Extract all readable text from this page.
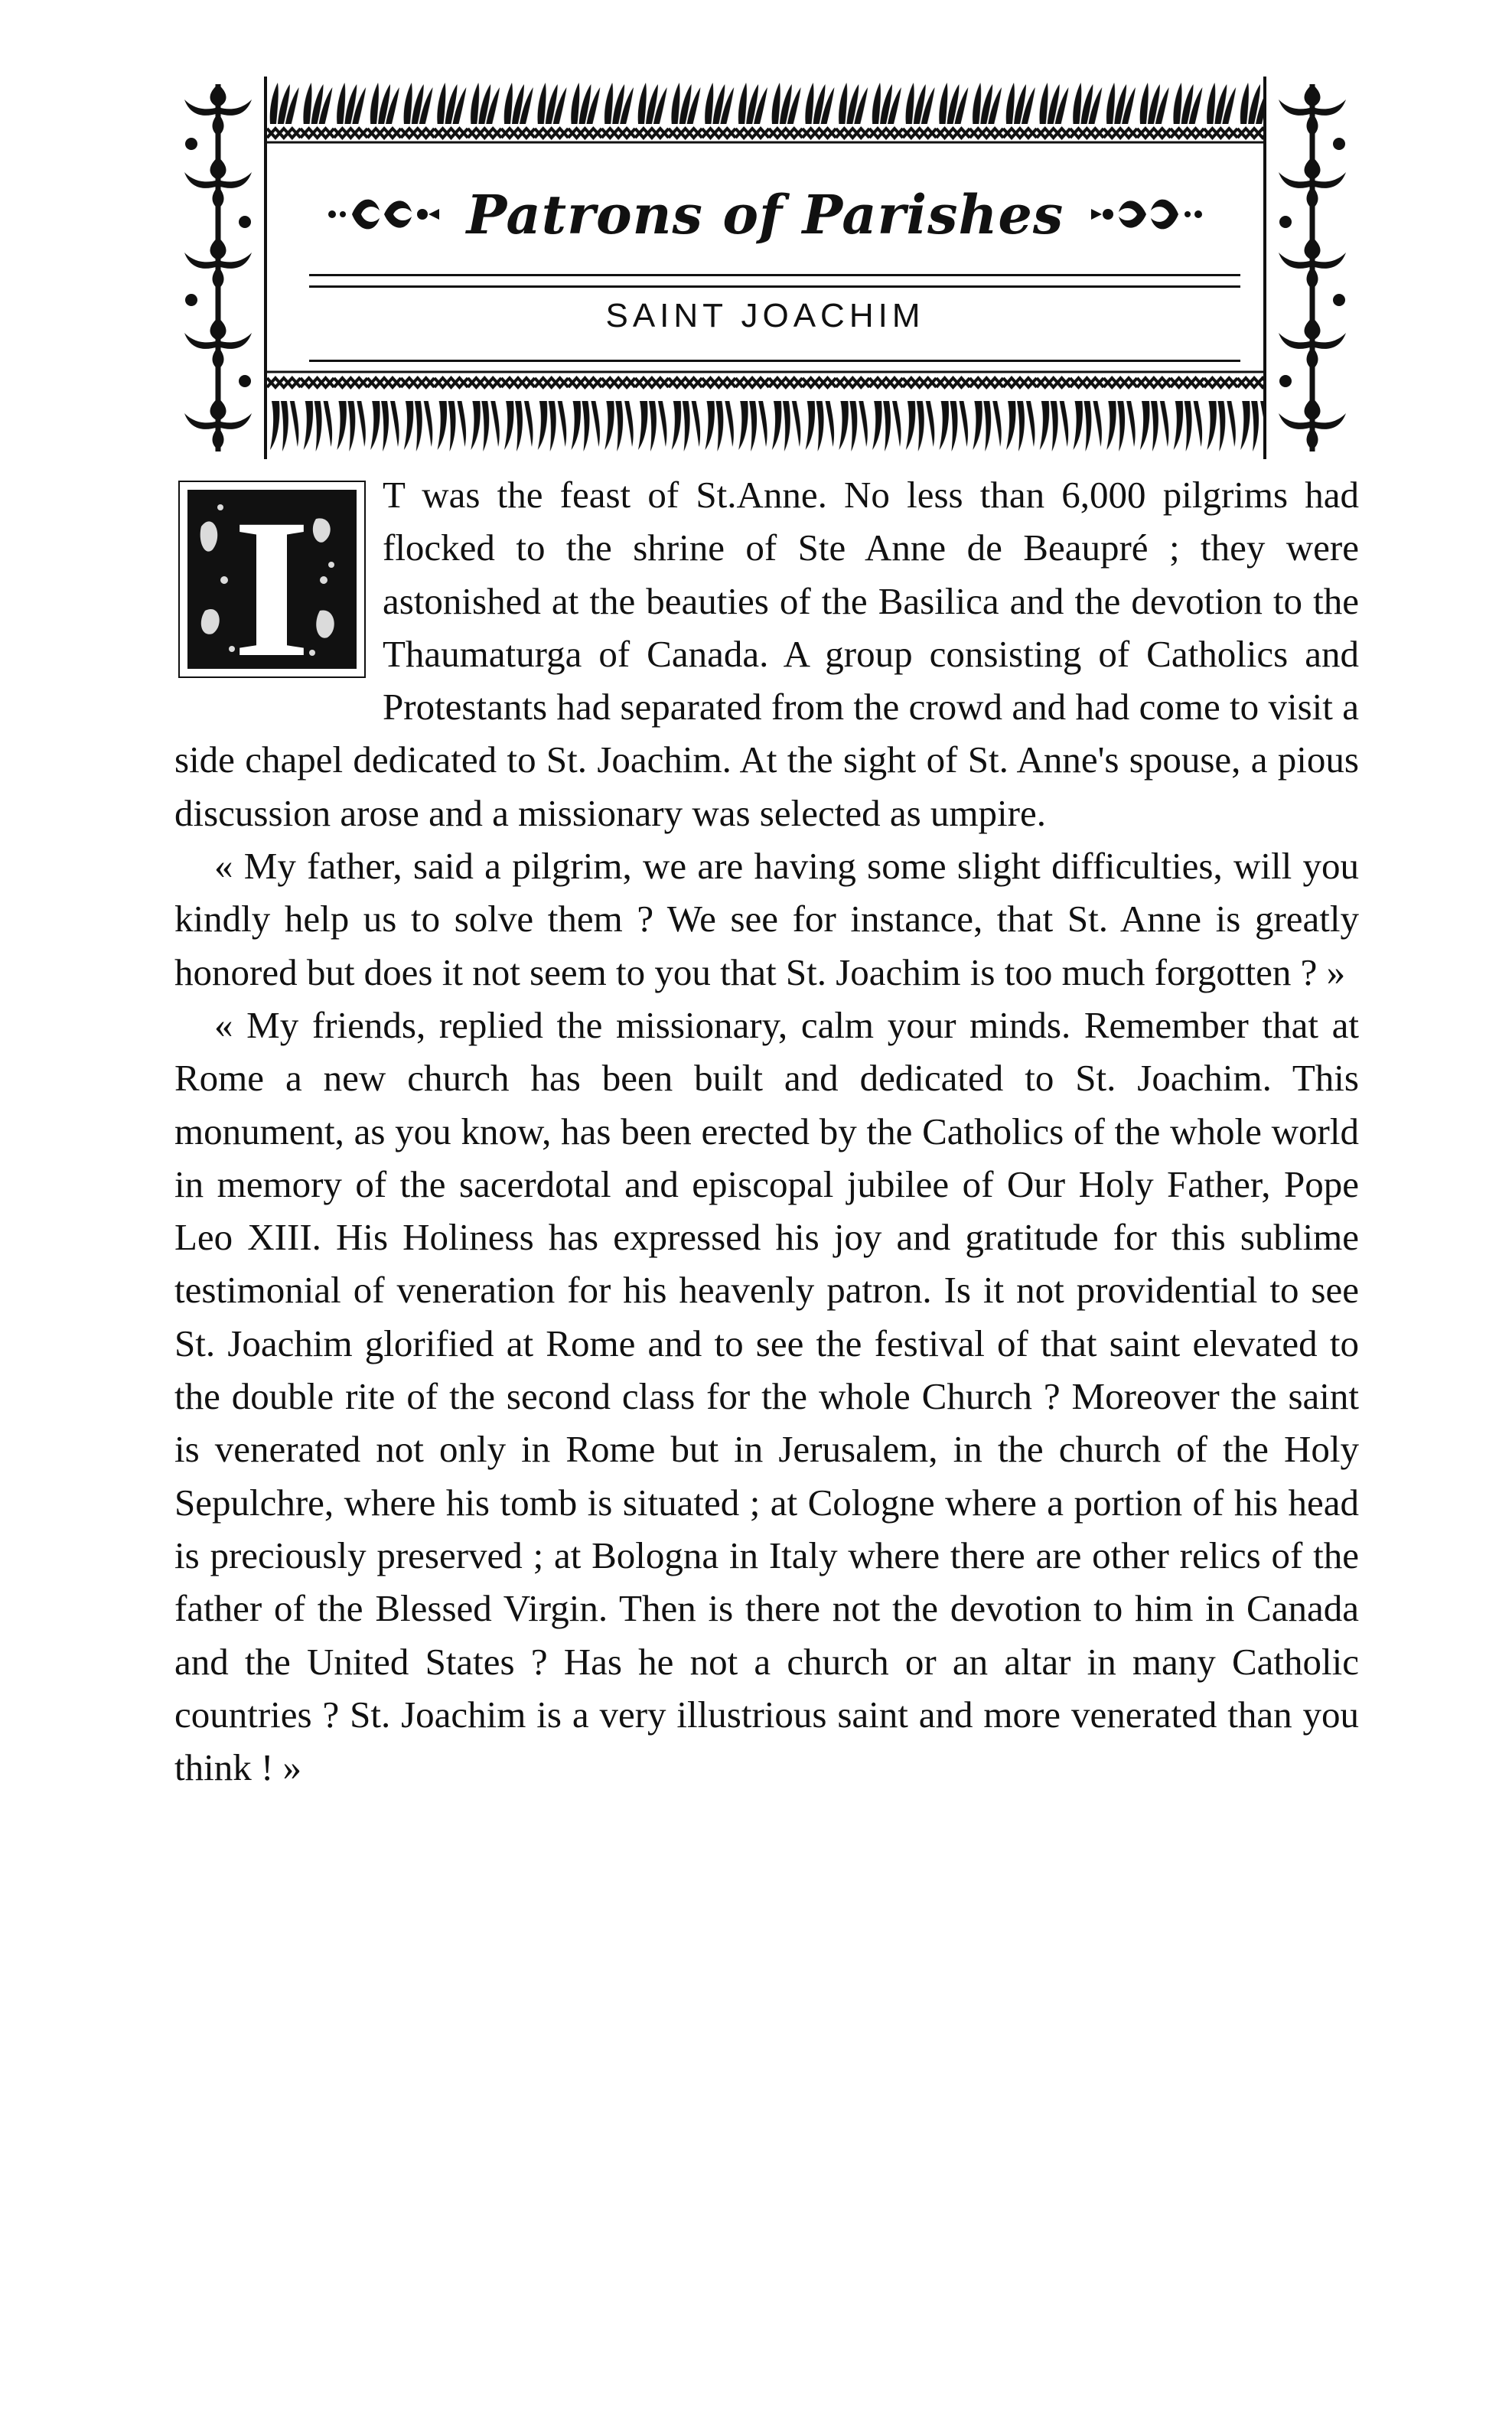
Patrons of Parishes
SAINT JOACHIM
I	T was the feast of St.Anne. No less than 6,000 pilgrims had flocked to the shrine of Ste Anne de Beaupré ; they were astonished at the beauties of the Basilica and the devotion to the Thaumaturga of Canada. A group consisting of Catholics and Protestants had separated from the crowd and had come to visit a side chapel dedicated to St. Joachim. At the sight of St. Anne's spouse, a pious discussion arose and a missionary was selected as umpire.

« My father, said a pilgrim, we are having some slight difficulties, will you kindly help us to solve them ? We see for instance, that St. Anne is greatly honored but does it not seem to you that St. Joachim is too much forgotten ? »

« My friends, replied the missionary, calm your minds. Remember that at Rome a new church has been built and dedicated to St. Joachim. This monument, as you know, has been erected by the Catholics of the whole world in memory of the sacerdotal and episcopal jubilee of Our Holy Father, Pope Leo XIII. His Holiness has expressed his joy and gratitude for this sublime testimonial of veneration for his heavenly patron. Is it not providential to see St. Joachim glorified at Rome and to see the festival of that saint elevated to the double rite of the second class for the whole Church ? Moreover the saint is venerated not only in Rome but in Jerusalem, in the church of the Holy Sepulchre, where his tomb is situated ; at Cologne where a portion of his head is preciously preserved ; at Bologna in Italy where there are other relics of the father of the Blessed Virgin. Then is there not the devotion to him in Canada and the United States ? Has he not a church or an altar in many Catholic countries ? St. Joachim is a very illustrious saint and more venerated than you think ! »
